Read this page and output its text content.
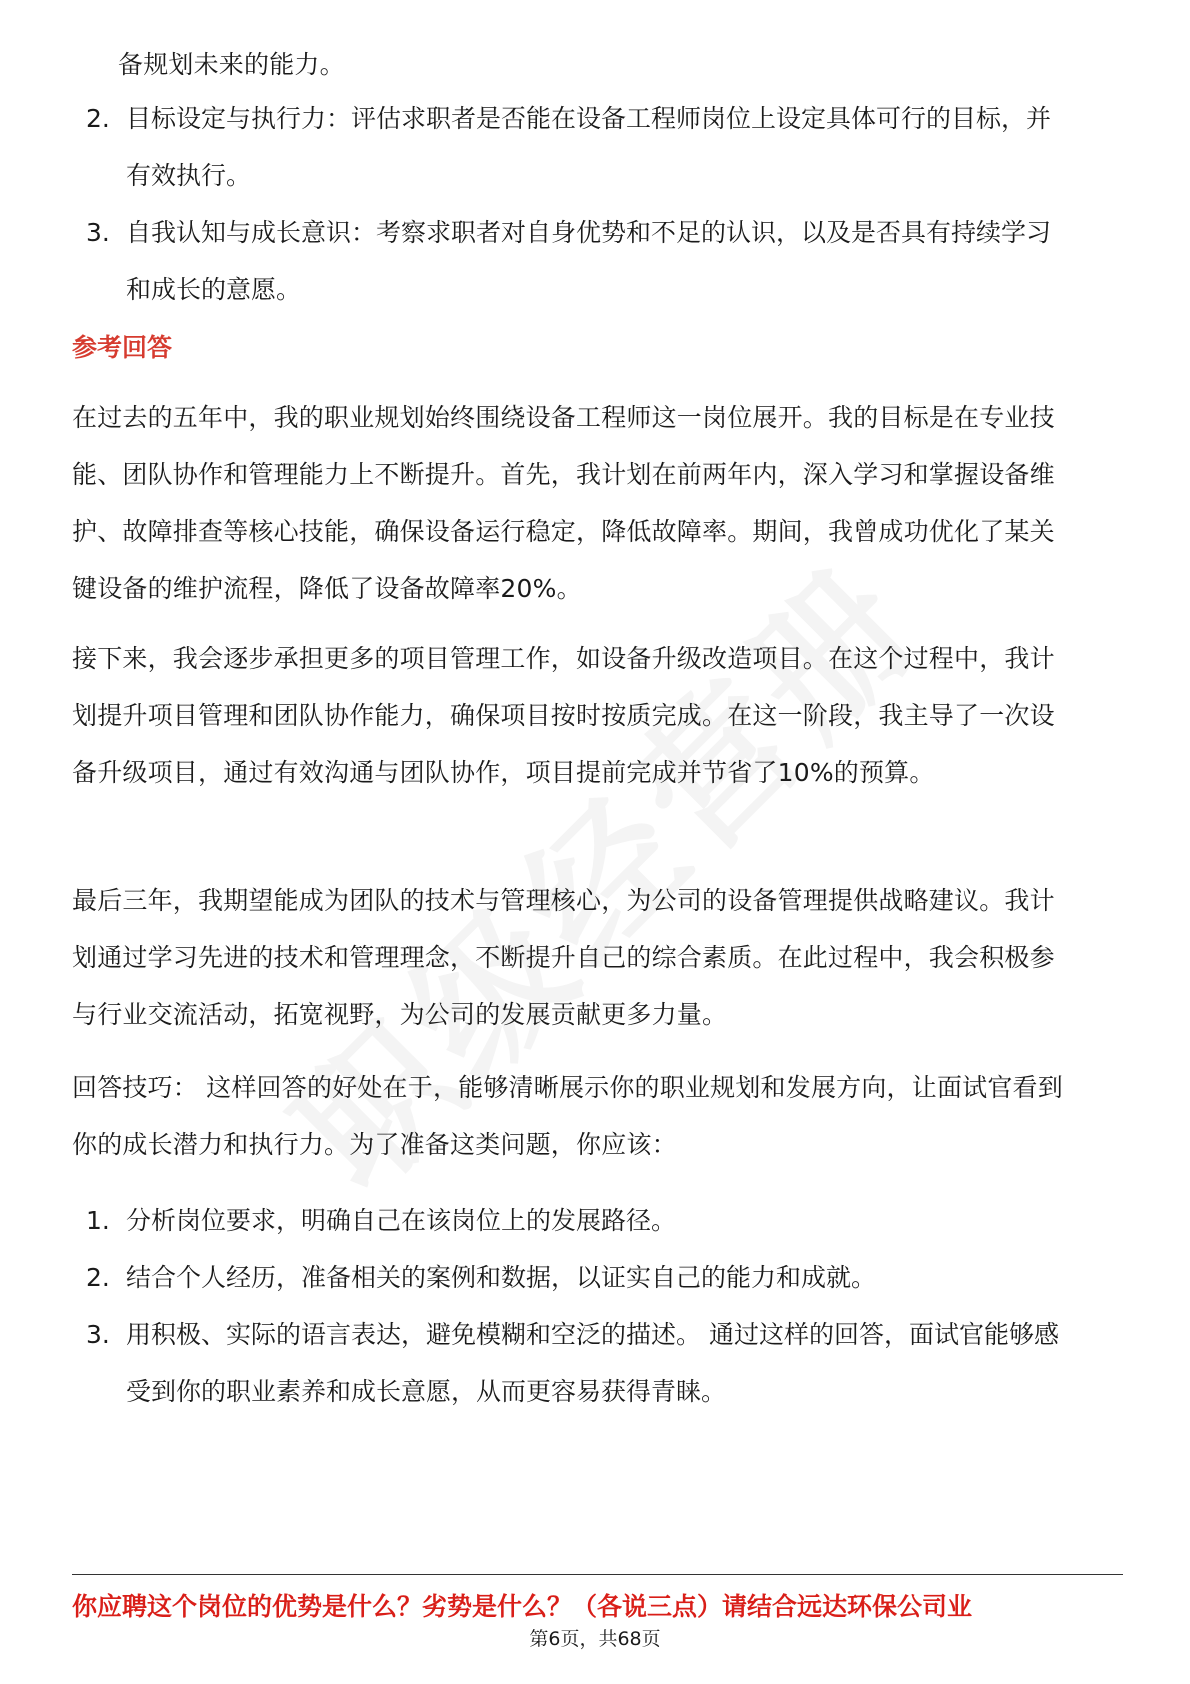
备规划未来的能力。

2. 目标设定与执行力：评估求职者是否能在设备工程师岗位上设定具体可行的目标，并有效执行。
3. 自我认知与成长意识：考察求职者对自身优势和不足的认识，以及是否具有持续学习和成长的意愿。
参考回答

在过去的五年中，我的职业规划始终围绕设备工程师这一岗位展开。我的目标是在专业技能、团队协作和管理能力上不断提升。首先，我计划在前两年内，深入学习和掌握设备维护、故障排查等核心技能，确保设备运行稳定，降低故障率。期间，我曾成功优化了某关键设备的维护流程，降低了设备故障率20%。

接下来，我会逐步承担更多的项目管理工作，如设备升级改造项目。在这个过程中，我计划提升项目管理和团队协作能力，确保项目按时按质完成。在这一阶段，我主导了一次设备升级项目，通过有效沟通与团队协作，项目提前完成并节省了10%的预算。

最后三年，我期望能成为团队的技术与管理核心，为公司的设备管理提供战略建议。我计划通过学习先进的技术和管理理念，不断提升自己的综合素质。在此过程中，我会积极参与行业交流活动，拓宽视野，为公司的发展贡献更多力量。

回答技巧： 这样回答的好处在于，能够清晰展示你的职业规划和发展方向，让面试官看到你的成长潜力和执行力。为了准备这类问题，你应该：

1. 分析岗位要求，明确自己在该岗位上的发展路径。
2. 结合个人经历，准备相关的案例和数据，以证实自己的能力和成就。
3. 用积极、实际的语言表达，避免模糊和空泛的描述。 通过这样的回答，面试官能够感受到你的职业素养和成长意愿，从而更容易获得青睐。
你应聘这个岗位的优势是什么？劣势是什么？（各说三点）请结合远达环保公司业
第6页，共68页
